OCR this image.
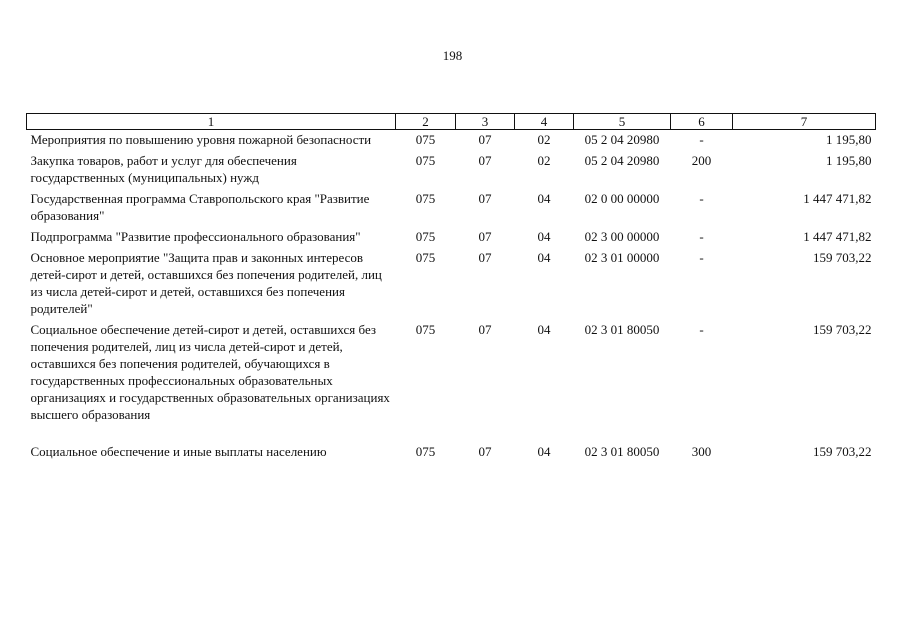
198
1	2	3	4	5	6	7
Мероприятия по повышению уровня пожарной безопасности	075	07	02	05 2 04 20980	-	1 195,80
Закупка товаров, работ и услуг для обеспечения государственных (муниципальных) нужд	075	07	02	05 2 04 20980	200	1 195,80
Государственная программа Ставропольского края "Развитие образования"	075	07	04	02 0 00 00000	-	1 447 471,82
Подпрограмма "Развитие профессионального образования"	075	07	04	02 3 00 00000	-	1 447 471,82
Основное мероприятие "Защита прав и законных интересов детей-сирот и детей, оставшихся без попечения родителей, лиц из числа детей-сирот и детей, оставшихся без попечения родителей"	075	07	04	02 3 01 00000	-	159 703,22
Социальное обеспечение детей-сирот и детей, оставшихся без попечения родителей, лиц из числа детей-сирот и детей, оставшихся без попечения родителей, обучающихся в государственных профессиональных образовательных организациях и государственных образовательных организациях высшего образования	075	07	04	02 3 01 80050	-	159 703,22

Социальное обеспечение и иные выплаты населению	075	07	04	02 3 01 80050	300	159 703,22
